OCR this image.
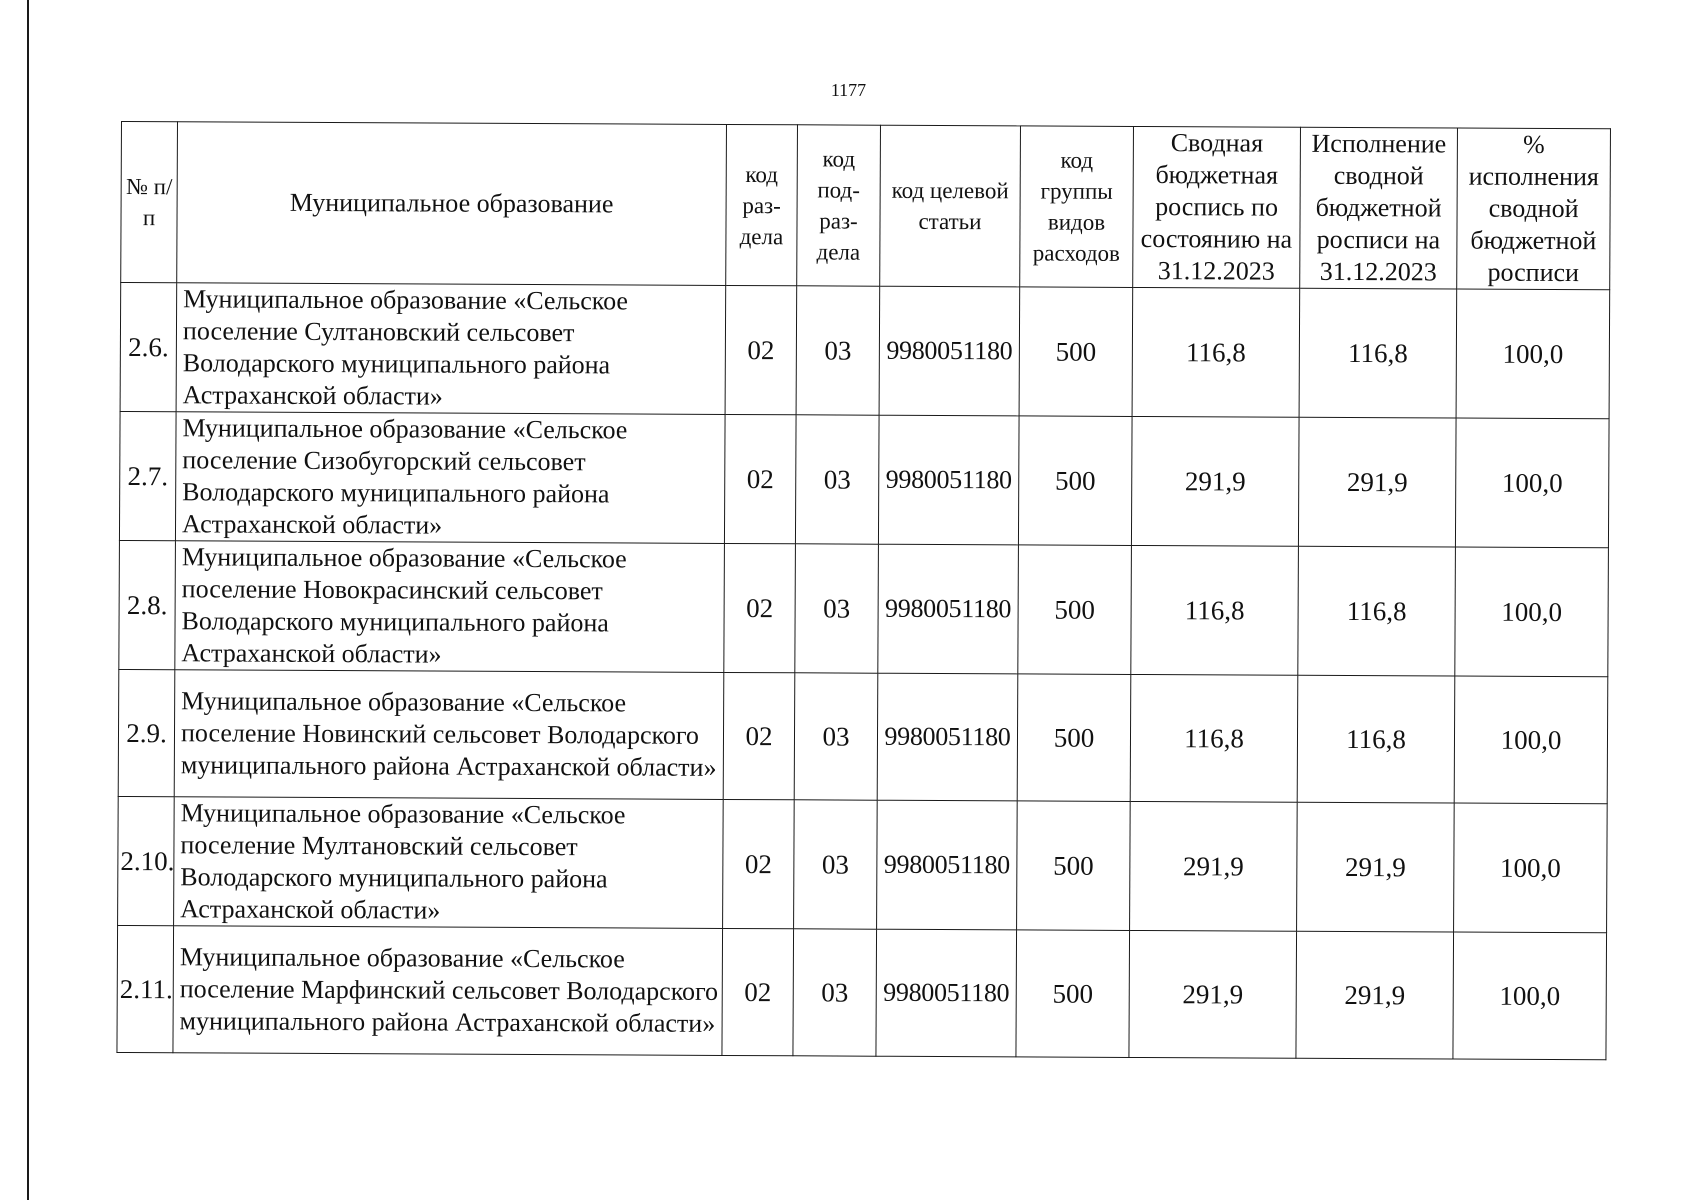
1177
№ п/п	Муниципальное образование	код раз- дела	код под- раз- дела	код целевой статьи	код группы видов расходов	Сводная бюджетная роспись по состоянию на 31.12.2023	Исполнение сводной бюджетной росписи на 31.12.2023	% исполнения сводной бюджетной росписи
2.6.	Муниципальное образование «Сельское поселение Султановский сельсовет Володарского муниципального района Астраханской области»	02	03	9980051180	500	116,8	116,8	100,0
2.7.	Муниципальное образование «Сельское поселение Сизобугорский сельсовет Володарского муниципального района Астраханской области»	02	03	9980051180	500	291,9	291,9	100,0
2.8.	Муниципальное образование «Сельское поселение Новокрасинский сельсовет Володарского муниципального района Астраханской области»	02	03	9980051180	500	116,8	116,8	100,0
2.9.	Муниципальное образование «Сельское поселение Новинский сельсовет Володарского муниципального района Астраханской области»	02	03	9980051180	500	116,8	116,8	100,0
2.10.	Муниципальное образование «Сельское поселение Мултановский сельсовет Володарского муниципального района Астраханской области»	02	03	9980051180	500	291,9	291,9	100,0
2.11.	Муниципальное образование «Сельское поселение Марфинский сельсовет Володарского муниципального района Астраханской области»	02	03	9980051180	500	291,9	291,9	100,0
